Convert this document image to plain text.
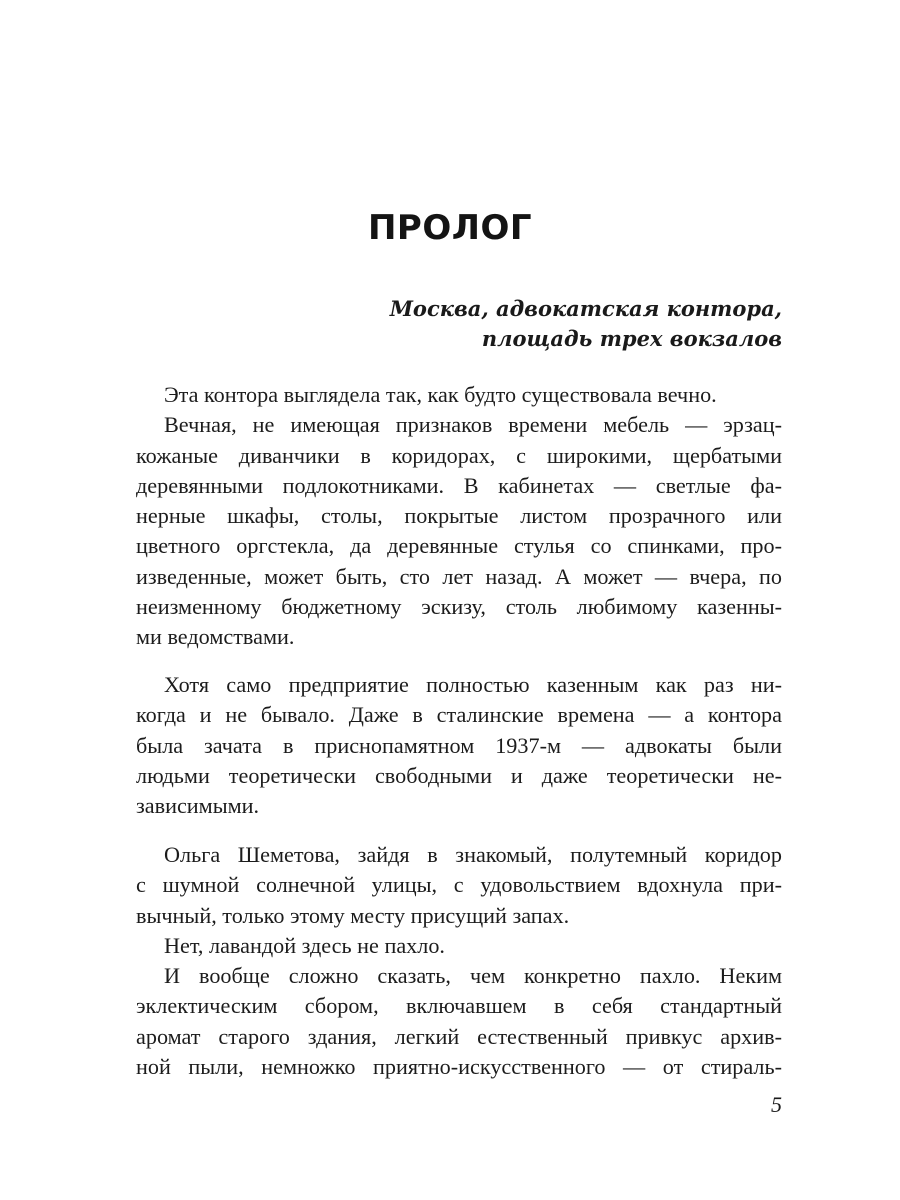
ПРОЛОГ
Москва, адвокатская контора,
площадь трех вокзалов
Эта контора выглядела так, как будто существовала вечно.
Вечная, не имеющая признаков времени мебель — эрзац-
кожаные диванчики в коридорах, с широкими, щербатыми
деревянными подлокотниками. В кабинетах — светлые фа-
нерные шкафы, столы, покрытые листом прозрачного или
цветного оргстекла, да деревянные стулья со спинками, про-
изведенные, может быть, сто лет назад. А может — вчера, по
неизменному бюджетному эскизу, столь любимому казенны-
ми ведомствами.
Хотя само предприятие полностью казенным как раз ни-
когда и не бывало. Даже в сталинские времена — а контора
была зачата в приснопамятном 1937-м — адвокаты были
людьми теоретически свободными и даже теоретически не-
зависимыми.
Ольга Шеметова, зайдя в знакомый, полутемный коридор
с шумной солнечной улицы, с удовольствием вдохнула при-
вычный, только этому месту присущий запах.
Нет, лавандой здесь не пахло.
И вообще сложно сказать, чем конкретно пахло. Неким
эклектическим сбором, включавшем в себя стандартный
аромат старого здания, легкий естественный привкус архив-
ной пыли, немножко приятно-искусственного — от стираль-
5
